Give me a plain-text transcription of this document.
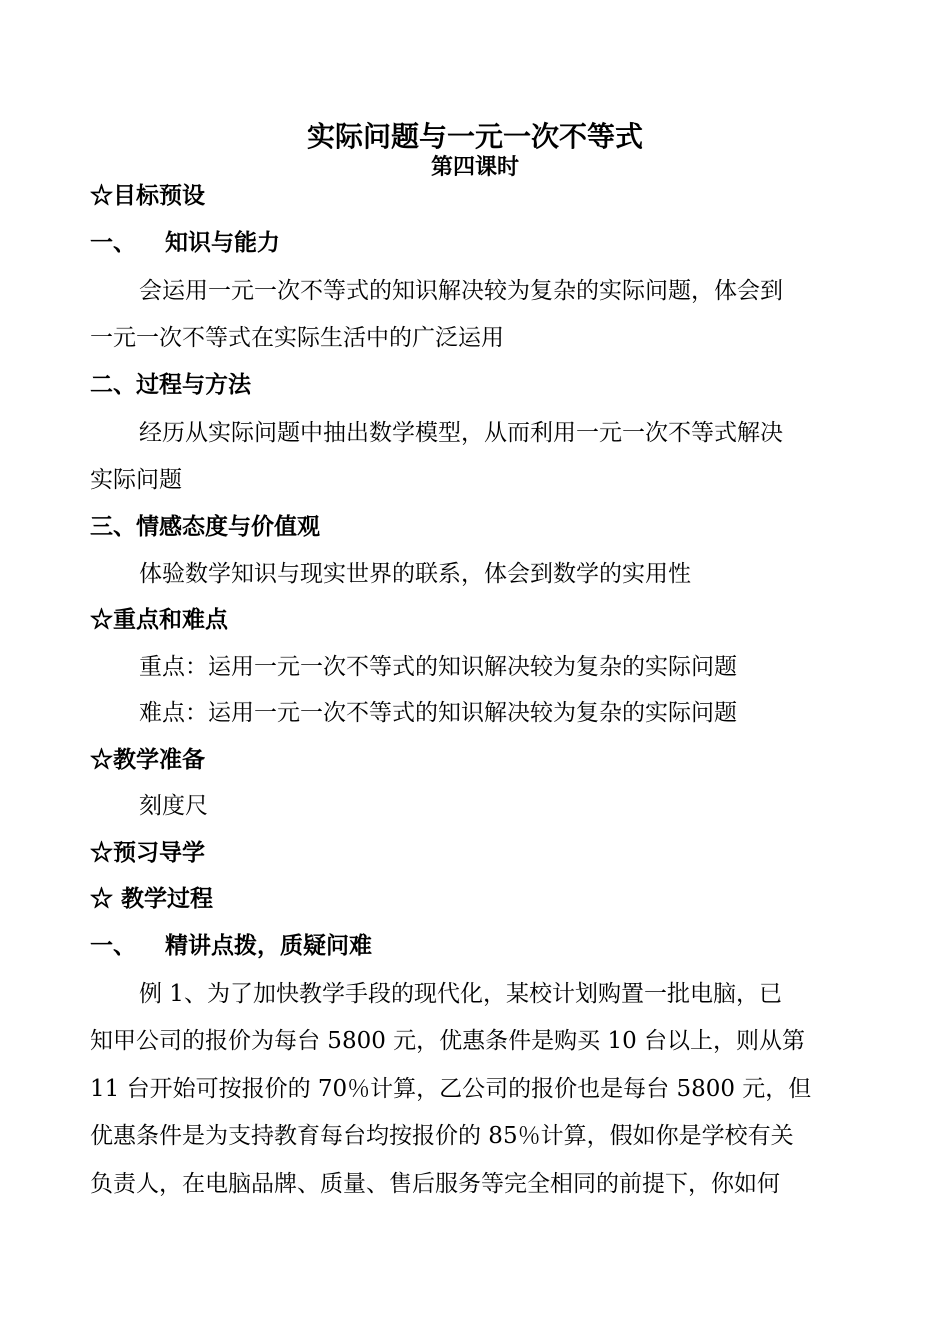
实际问题与一元一次不等式
第四课时
☆目标预设
一、 知识与能力
会运用一元一次不等式的知识解决较为复杂的实际问题，体会到
一元一次不等式在实际生活中的广泛运用
二、过程与方法
经历从实际问题中抽出数学模型，从而利用一元一次不等式解决
实际问题
三、情感态度与价值观
体验数学知识与现实世界的联系，体会到数学的实用性
☆重点和难点
重点：运用一元一次不等式的知识解决较为复杂的实际问题
难点：运用一元一次不等式的知识解决较为复杂的实际问题
☆教学准备
刻度尺
☆预习导学
☆ 教学过程
一、 精讲点拨，质疑问难
例 1、为了加快教学手段的现代化，某校计划购置一批电脑，已
知甲公司的报价为每台 5800 元，优惠条件是购买 10 台以上，则从第
11 台开始可按报价的 70％计算，乙公司的报价也是每台 5800 元，但
优惠条件是为支持教育每台均按报价的 85％计算，假如你是学校有关
负责人，在电脑品牌、质量、售后服务等完全相同的前提下，你如何
